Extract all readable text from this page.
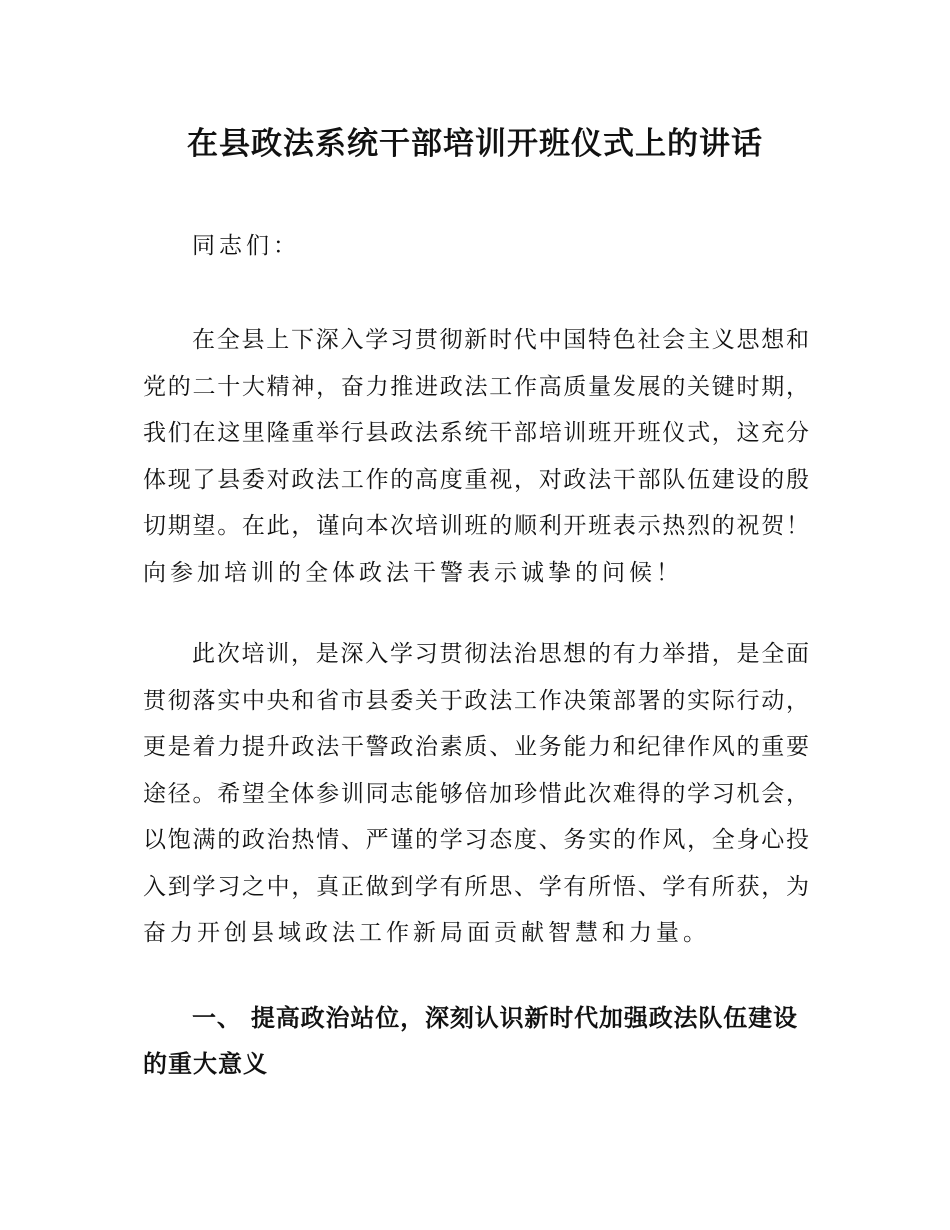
在县政法系统干部培训开班仪式上的讲话
同志们：
在全县上下深入学习贯彻新时代中国特色社会主义思想和
党的二十大精神，奋力推进政法工作高质量发展的关键时期，
我们在这里隆重举行县政法系统干部培训班开班仪式，这充分
体现了县委对政法工作的高度重视，对政法干部队伍建设的殷
切期望。在此，谨向本次培训班的顺利开班表示热烈的祝贺！
向参加培训的全体政法干警表示诚挚的问候！
此次培训，是深入学习贯彻法治思想的有力举措，是全面
贯彻落实中央和省市县委关于政法工作决策部署的实际行动，
更是着力提升政法干警政治素质、业务能力和纪律作风的重要
途径。希望全体参训同志能够倍加珍惜此次难得的学习机会，
以饱满的政治热情、严谨的学习态度、务实的作风，全身心投
入到学习之中，真正做到学有所思、学有所悟、学有所获，为
奋力开创县域政法工作新局面贡献智慧和力量。
一、 提高政治站位，深刻认识新时代加强政法队伍建设
的重大意义
